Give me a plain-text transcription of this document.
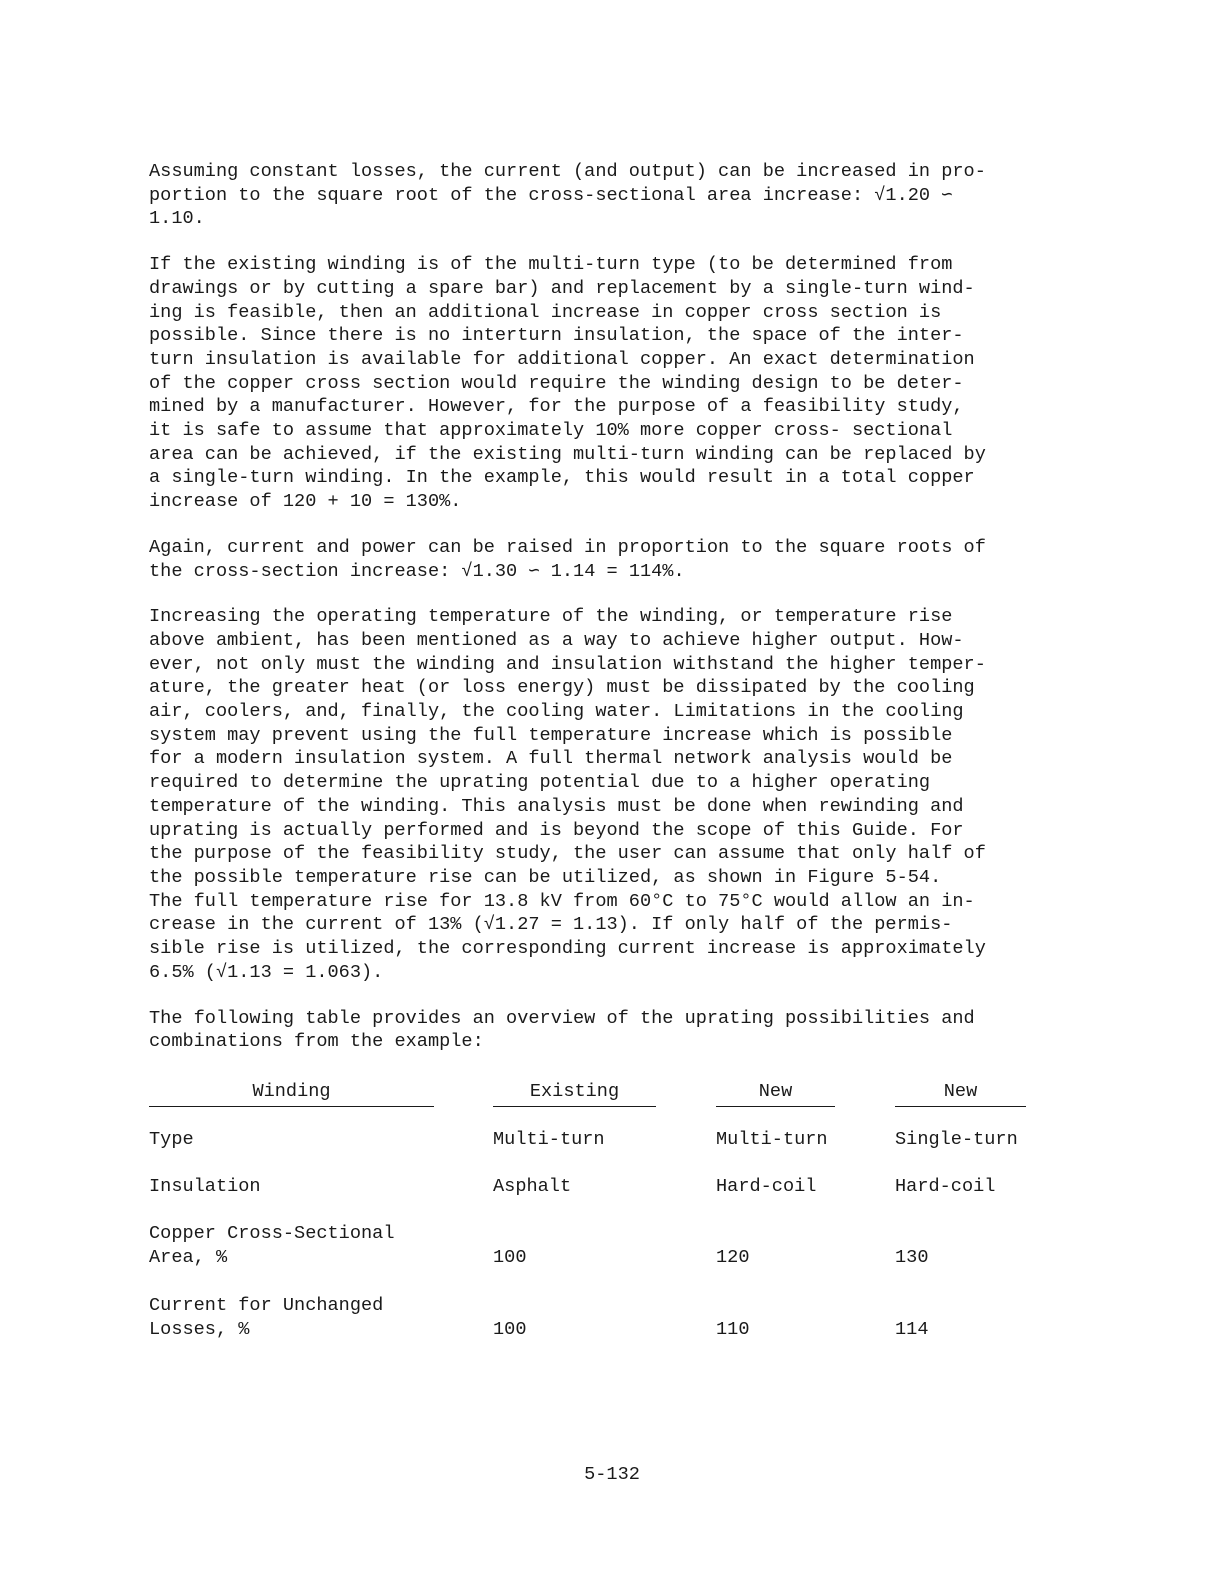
Assuming constant losses, the current (and output) can be increased in pro-
portion to the square root of the cross-sectional area increase: √1.20 ∽
1.10.

If the existing winding is of the multi-turn type (to be determined from
drawings or by cutting a spare bar) and replacement by a single-turn wind-
ing is feasible, then an additional increase in copper cross section is
possible. Since there is no interturn insulation, the space of the inter-
turn insulation is available for additional copper. An exact determination
of the copper cross section would require the winding design to be deter-
mined by a manufacturer. However, for the purpose of a feasibility study,
it is safe to assume that approximately 10% more copper cross- sectional
area can be achieved, if the existing multi-turn winding can be replaced by
a single-turn winding. In the example, this would result in a total copper
increase of 120 + 10 = 130%.

Again, current and power can be raised in proportion to the square roots of
the cross-section increase: √1.30 ∽ 1.14 = 114%.

Increasing the operating temperature of the winding, or temperature rise
above ambient, has been mentioned as a way to achieve higher output. How-
ever, not only must the winding and insulation withstand the higher temper-
ature, the greater heat (or loss energy) must be dissipated by the cooling
air, coolers, and, finally, the cooling water. Limitations in the cooling
system may prevent using the full temperature increase which is possible
for a modern insulation system. A full thermal network analysis would be
required to determine the uprating potential due to a higher operating
temperature of the winding. This analysis must be done when rewinding and
uprating is actually performed and is beyond the scope of this Guide. For
the purpose of the feasibility study, the user can assume that only half of
the possible temperature rise can be utilized, as shown in Figure 5-54.
The full temperature rise for 13.8 kV from 60°C to 75°C would allow an in-
crease in the current of 13% (√1.27 = 1.13). If only half of the permis-
sible rise is utilized, the corresponding current increase is approximately
6.5% (√1.13 = 1.063).

The following table provides an overview of the uprating possibilities and
combinations from the example:

Winding	Existing	New	New
Type	Multi-turn	Multi-turn	Single-turn
Insulation	Asphalt	Hard-coil	Hard-coil
Copper Cross-Sectional
Area, %	100	120	130
Current for Unchanged
Losses, %	100	110	114
5-132
